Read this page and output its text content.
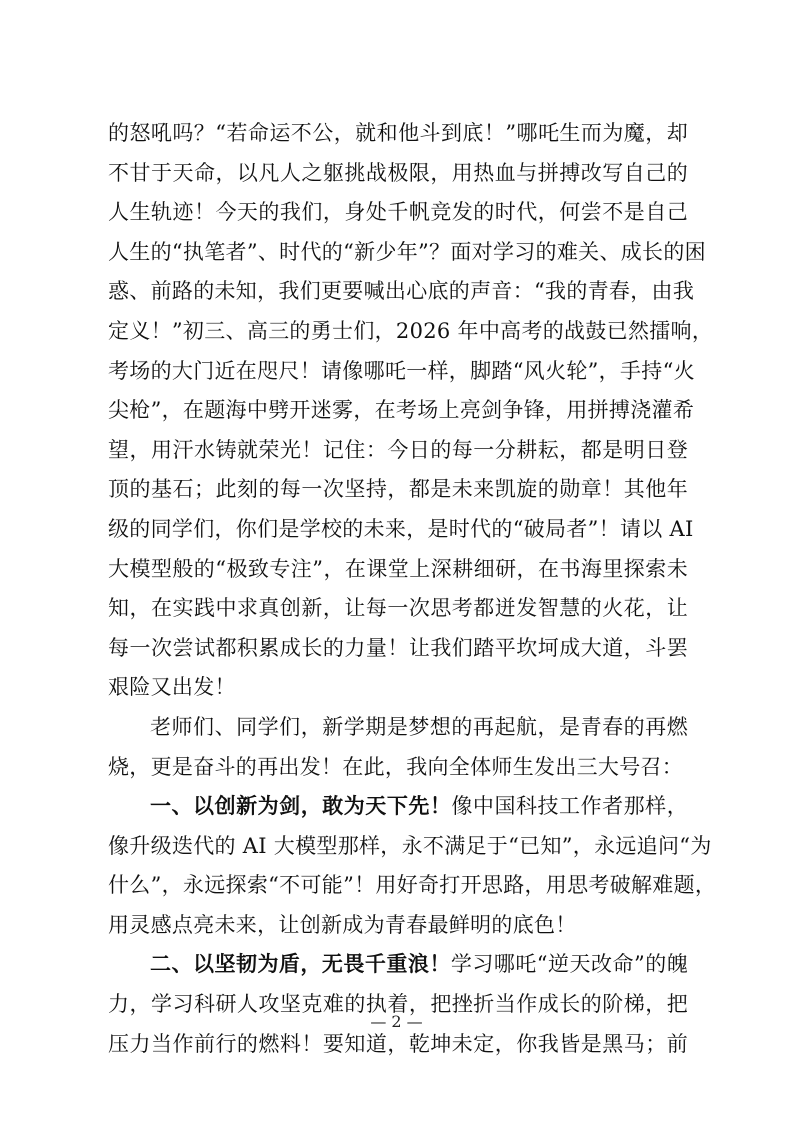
的怒吼吗？“若命运不公，就和他斗到底！”哪吒生而为魔，却
不甘于天命，以凡人之躯挑战极限，用热血与拼搏改写自己的
人生轨迹！今天的我们，身处千帆竞发的时代，何尝不是自己
人生的“执笔者”、时代的“新少年”？面对学习的难关、成长的困
惑、前路的未知，我们更要喊出心底的声音：“我的青春，由我
定义！”初三、高三的勇士们，2026 年中高考的战鼓已然擂响，
考场的大门近在咫尺！请像哪吒一样，脚踏“风火轮”，手持“火
尖枪”，在题海中劈开迷雾，在考场上亮剑争锋，用拼搏浇灌希
望，用汗水铸就荣光！记住：今日的每一分耕耘，都是明日登
顶的基石；此刻的每一次坚持，都是未来凯旋的勋章！其他年
级的同学们，你们是学校的未来，是时代的“破局者”！请以 AI
大模型般的“极致专注”，在课堂上深耕细研，在书海里探索未
知，在实践中求真创新，让每一次思考都迸发智慧的火花，让
每一次尝试都积累成长的力量！让我们踏平坎坷成大道，斗罢
艰险又出发！
老师们、同学们，新学期是梦想的再起航，是青春的再燃
烧，更是奋斗的再出发！在此，我向全体师生发出三大号召：
一、以创新为剑，敢为天下先！像中国科技工作者那样，
像升级迭代的 AI 大模型那样，永不满足于“已知”，永远追问“为
什么”，永远探索“不可能”！用好奇打开思路，用思考破解难题，
用灵感点亮未来，让创新成为青春最鲜明的底色！
二、以坚韧为盾，无畏千重浪！学习哪吒“逆天改命”的魄
力，学习科研人攻坚克难的执着，把挫折当作成长的阶梯，把
压力当作前行的燃料！要知道，乾坤未定，你我皆是黑马；前
— 2 —
